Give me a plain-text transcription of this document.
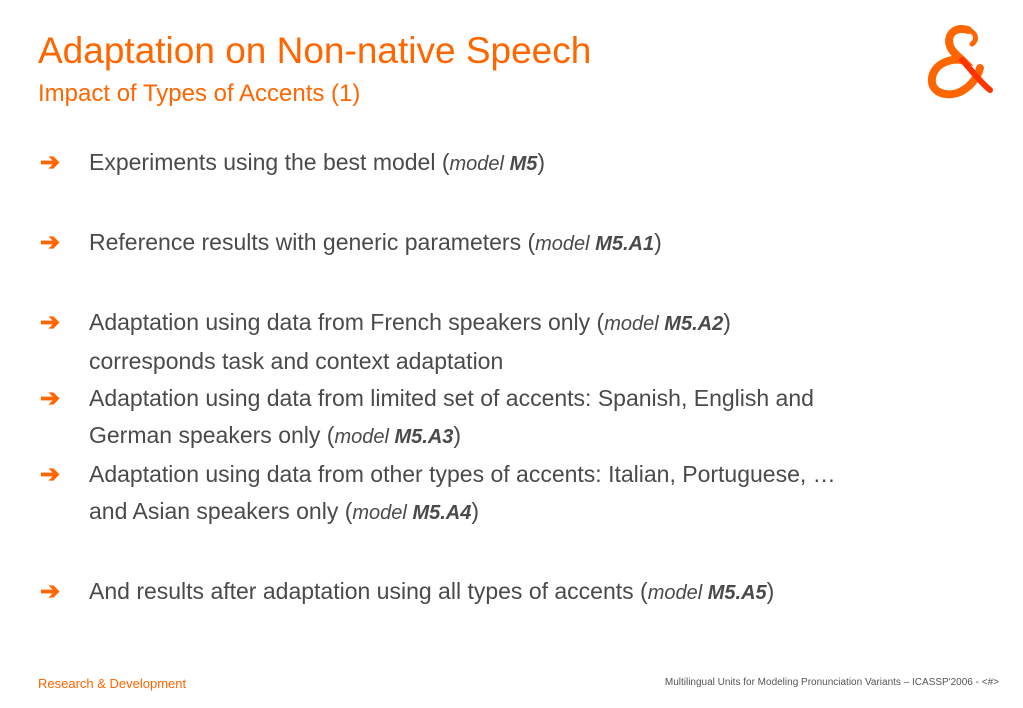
Adaptation on Non-native Speech
Impact of Types of Accents (1)
➔	Experiments using the best model (model M5)
➔	Reference results with generic parameters (model M5.A1)
➔	Adaptation using data from French speakers only (model M5.A2)
corresponds task and context adaptation
➔	Adaptation using data from limited set of accents: Spanish, English and
German speakers only (model M5.A3)
➔	Adaptation using data from other types of accents: Italian, Portuguese, …
and Asian speakers only (model M5.A4)
➔	And results after adaptation using all types of accents (model M5.A5)
Research & Development	Multilingual Units for Modeling Pronunciation Variants – ICASSP'2006 - <#>
